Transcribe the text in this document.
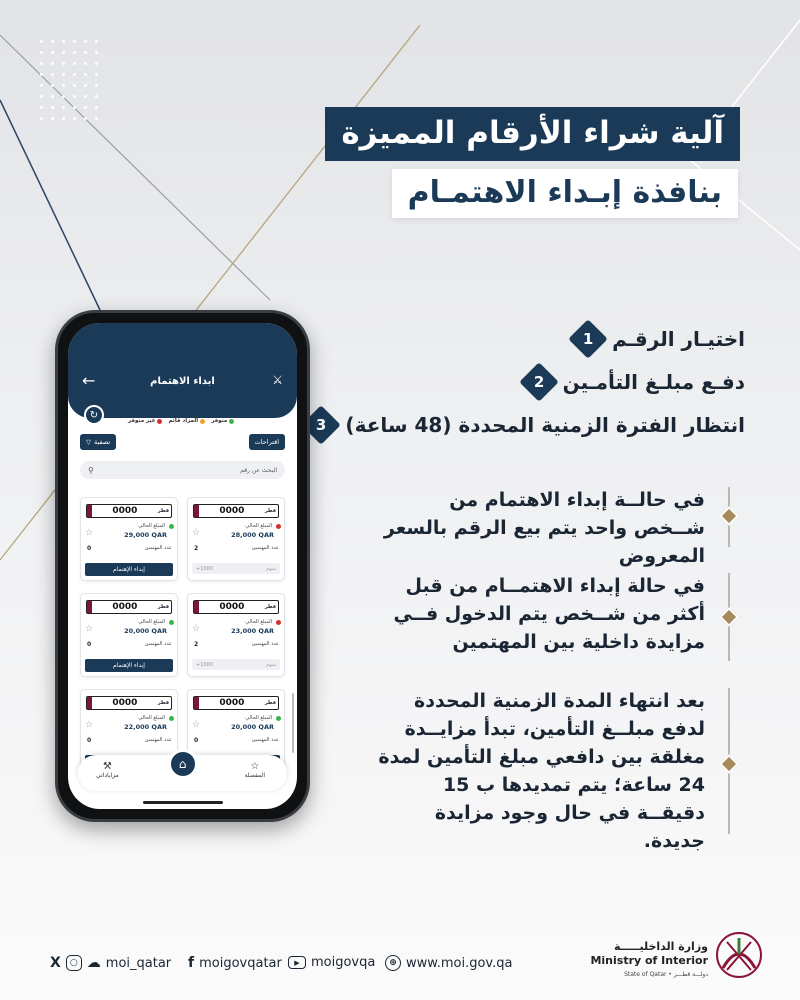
آلية شراء الأرقام المميزة
بنافذة إبـداء الاهتمـام
1 اختيـار الرقـم
2 دفـع مبلـغ التأمـين
3 انتظار الفترة الزمنية المحددة (48 ساعة)
في حالــة إبداء الاهتمام من شــخص واحد يتم بيع الرقم بالسعر المعروض
في حالة إبداء الاهتمــام من قبل أكثر من شــخص يتم الدخول فــي مزايدة داخلية بين المهتمين
بعد انتهاء المدة الزمنية المحددة لدفع مبلــغ التأمين، تبدأ مزايــدة مغلقة بين دافعي مبلغ التأمين لمدة 24 ساعة؛ يتم تمديدها ب 15 دقيقــة في حال وجود مزايدة جديدة.
←	ابداء الاهتمام	⚔
↻
متوفر
المزاد قائم
غير متوفر
اقتراحات
▽ تصفية
البحث عن رقم
⚲
0000	قطر
المبلغ الحالي
28,000 QAR
☆
عدد المهتمين
2
+1000	سوم
0000	قطر
المبلغ الحالي
29,000 QAR
☆
عدد المهتمين
0
إبداء الإهتمام
0000	قطر
المبلغ الحالي
23,000 QAR
☆
عدد المهتمين
2
+1000	سوم
0000	قطر
المبلغ الحالي
20,000 QAR
☆
عدد المهتمين
0
إبداء الإهتمام
0000	قطر
المبلغ الحالي
20,000 QAR
☆
عدد المهتمين
0
0000	قطر
المبلغ الحالي
22,000 QAR
☆
عدد المهتمين
0
☆
المفضلة
⌂
⚒
مزاياداتي
X	○ ☁ moi_qatar f moigovqatar	▶ moigovqa	⊕ www.moi.gov.qa
وزارة الداخليـــــة
Ministry of Interior
State of Qatar • دولـــة قطـــر
